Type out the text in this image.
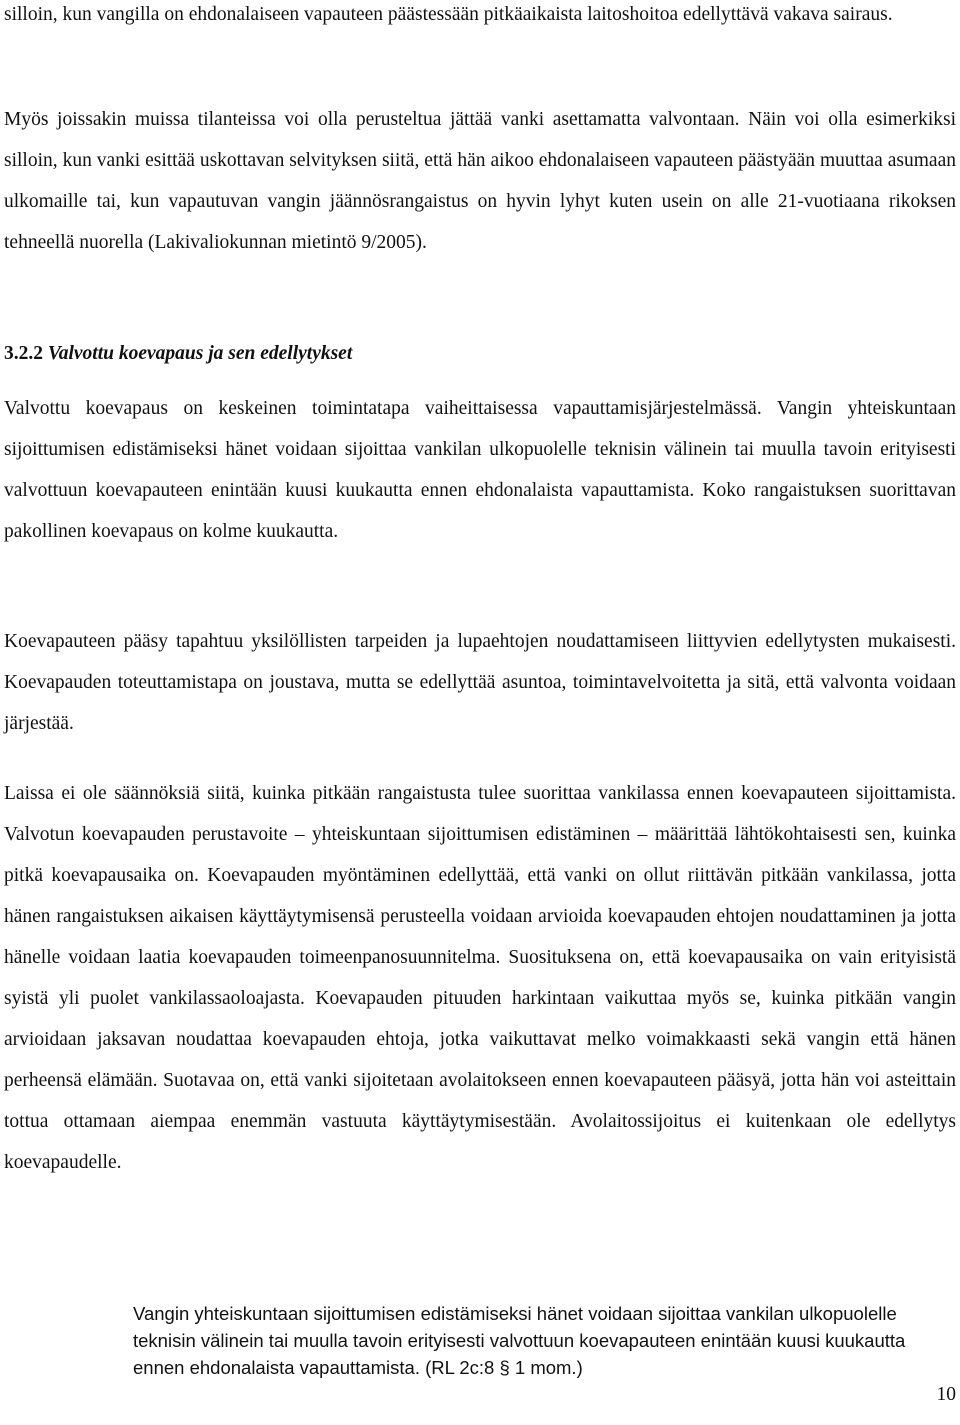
silloin, kun vangilla on ehdonalaiseen vapauteen päästessään pitkäaikaista laitoshoitoa edellyttävä vakava sairaus.

Myös joissakin muissa tilanteissa voi olla perusteltua jättää vanki asettamatta valvontaan. Näin voi olla esimerkiksi silloin, kun vanki esittää uskottavan selvityksen siitä, että hän aikoo ehdonalaiseen vapauteen päästyään muuttaa asumaan ulkomaille tai, kun vapautuvan vangin jäännösrangaistus on hyvin lyhyt kuten usein on alle 21-vuotiaana rikoksen tehneellä nuorella (Lakivaliokunnan mietintö 9/2005).

3.2.2 Valvottu koevapaus ja sen edellytykset

Valvottu koevapaus on keskeinen toimintatapa vaiheittaisessa vapauttamisjärjestelmässä. Vangin yhteiskuntaan sijoittumisen edistämiseksi hänet voidaan sijoittaa vankilan ulkopuolelle teknisin välinein tai muulla tavoin erityisesti valvottuun koevapauteen enintään kuusi kuukautta ennen ehdonalaista vapauttamista. Koko rangaistuksen suorittavan pakollinen koevapaus on kolme kuukautta.

Koevapauteen pääsy tapahtuu yksilöllisten tarpeiden ja lupaehtojen noudattamiseen liittyvien edellytysten mukaisesti. Koevapauden toteuttamistapa on joustava, mutta se edellyttää asuntoa, toimintavelvoitetta ja sitä, että valvonta voidaan järjestää.

Laissa ei ole säännöksiä siitä, kuinka pitkään rangaistusta tulee suorittaa vankilassa ennen koevapauteen sijoittamista. Valvotun koevapauden perustavoite – yhteiskuntaan sijoittumisen edistäminen – määrittää lähtökohtaisesti sen, kuinka pitkä koevapausaika on. Koevapauden myöntäminen edellyttää, että vanki on ollut riittävän pitkään vankilassa, jotta hänen rangaistuksen aikaisen käyttäytymisensä perusteella voidaan arvioida koevapauden ehtojen noudattaminen ja jotta hänelle voidaan laatia koevapauden toimeenpanosuunnitelma. Suosituksena on, että koevapausaika on vain erityisistä syistä yli puolet vankilassaoloajasta. Koevapauden pituuden harkintaan vaikuttaa myös se, kuinka pitkään vangin arvioidaan jaksavan noudattaa koevapauden ehtoja, jotka vaikuttavat melko voimakkaasti sekä vangin että hänen perheensä elämään. Suotavaa on, että vanki sijoitetaan avolaitokseen ennen koevapauteen pääsyä, jotta hän voi asteittain tottua ottamaan aiempaa enemmän vastuuta käyttäytymisestään. Avolaitossijoitus ei kuitenkaan ole edellytys koevapaudelle.

Vangin yhteiskuntaan sijoittumisen edistämiseksi hänet voidaan sijoittaa vankilan ulkopuolelle teknisin välinein tai muulla tavoin erityisesti valvottuun koevapauteen enintään kuusi kuukautta ennen ehdonalaista vapauttamista. (RL 2c:8 § 1 mom.)

10
